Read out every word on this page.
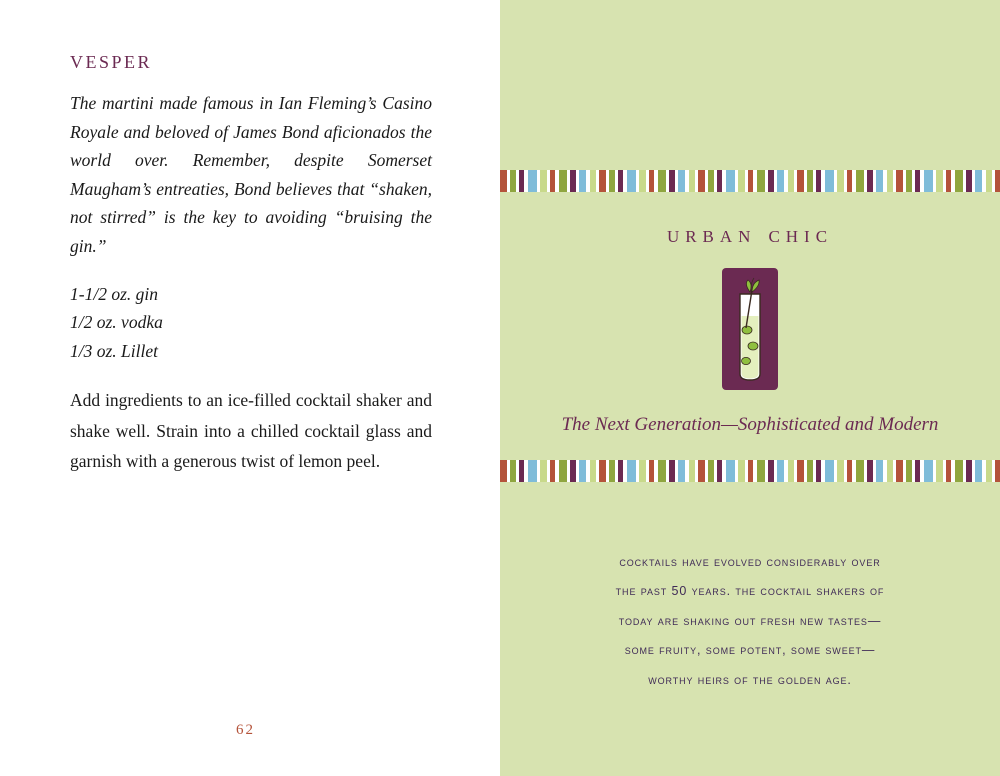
vesper
The martini made famous in Ian Fleming’s Casino Royale and beloved of James Bond aficionados the world over. Remember, despite Somerset Maugham’s entreaties, Bond believes that “shaken, not stirred” is the key to avoiding “bruising the gin.”
1-1/2 oz. gin
1/2 oz. vodka
1/3 oz. Lillet
Add ingredients to an ice-filled cocktail shaker and shake well. Strain into a chilled cocktail glass and garnish with a generous twist of lemon peel.
62
urban chic
The Next Generation—Sophisticated and Modern
cocktails have evolved considerably over
the past 50 years. the cocktail shakers of
today are shaking out fresh new tastes—
some fruity, some potent, some sweet—
worthy heirs of the golden age.
